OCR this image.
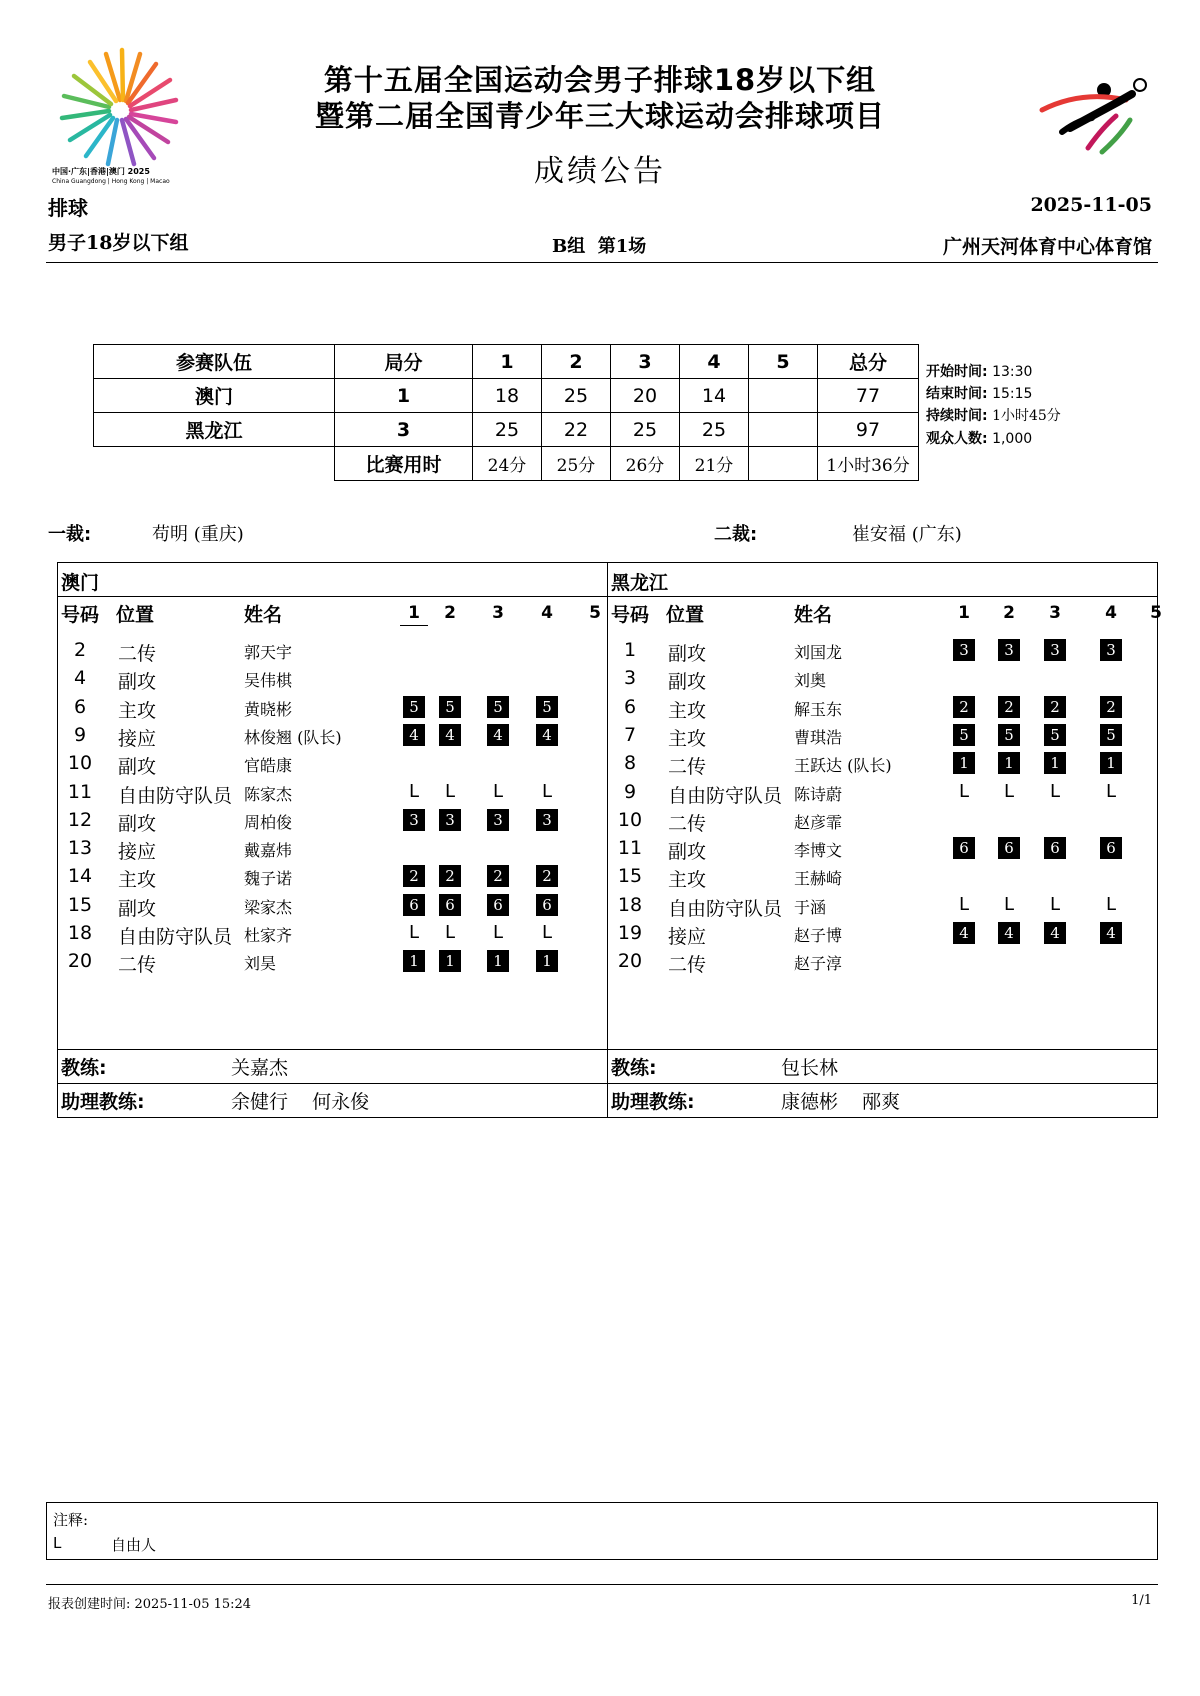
中国·广东|香港|澳门 2025
China Guangdong | Hong Kong | Macao
第十五届全国运动会男子排球18岁以下组
暨第二届全国青少年三大球运动会排球项目
成绩公告
排球	2025-11-05
男子18岁以下组	B组  第1场	广州天河体育中心体育馆
参赛队伍	局分	1	2	3	4	5	总分
澳门	1	18	25	20	14		77
黑龙江	3	25	22	25	25		97
	比赛用时	24分	25分	26分	21分		1小时36分
开始时间: 13:30
结束时间: 15:15
持续时间: 1小时45分
观众人数: 1,000
一裁:	苟明 (重庆)	二裁:	崔安福 (广东)
澳门
号码 位置	姓名	1 2 3 4 5
2	二传	郭天宇
4	副攻	吴伟棋
6	主攻	黄晓彬	5	5	5	5
9	接应	林俊翘 (队长)	4	4	4	4
10	副攻	官皓康
11	自由防守队员 陈家杰	L	L	L	L
12	副攻	周柏俊	3	3	3	3
13	接应	戴嘉炜
14	主攻	魏子诺	2	2	2	2
15	副攻	梁家杰	6	6	6	6
18	自由防守队员 杜家齐	L	L	L	L
20	二传	刘昊	1	1	1	1
教练:	关嘉杰
助理教练:	余健行    何永俊
黑龙江
号码 位置	姓名	1 2 3	4 5
1	副攻	刘国龙	3	3	3	3
3	副攻	刘奥
6	主攻	解玉东	2	2	2	2
7	主攻	曹琪浩	5	5	5	5
8	二传	王跃达 (队长)	1	1	1	1
9	自由防守队员 陈诗蔚	L	L	L	L
10	二传	赵彦霏
11	副攻	李博文	6	6	6	6
15	主攻	王赫崎
18	自由防守队员 于涵	L	L	L	L
19	接应	赵子博	4	4	4	4
20	二传	赵子淳
教练:	包长林
助理教练:	康德彬    邴爽
注释:
L	自由人
报表创建时间: 2025-11-05 15:24	1/1
